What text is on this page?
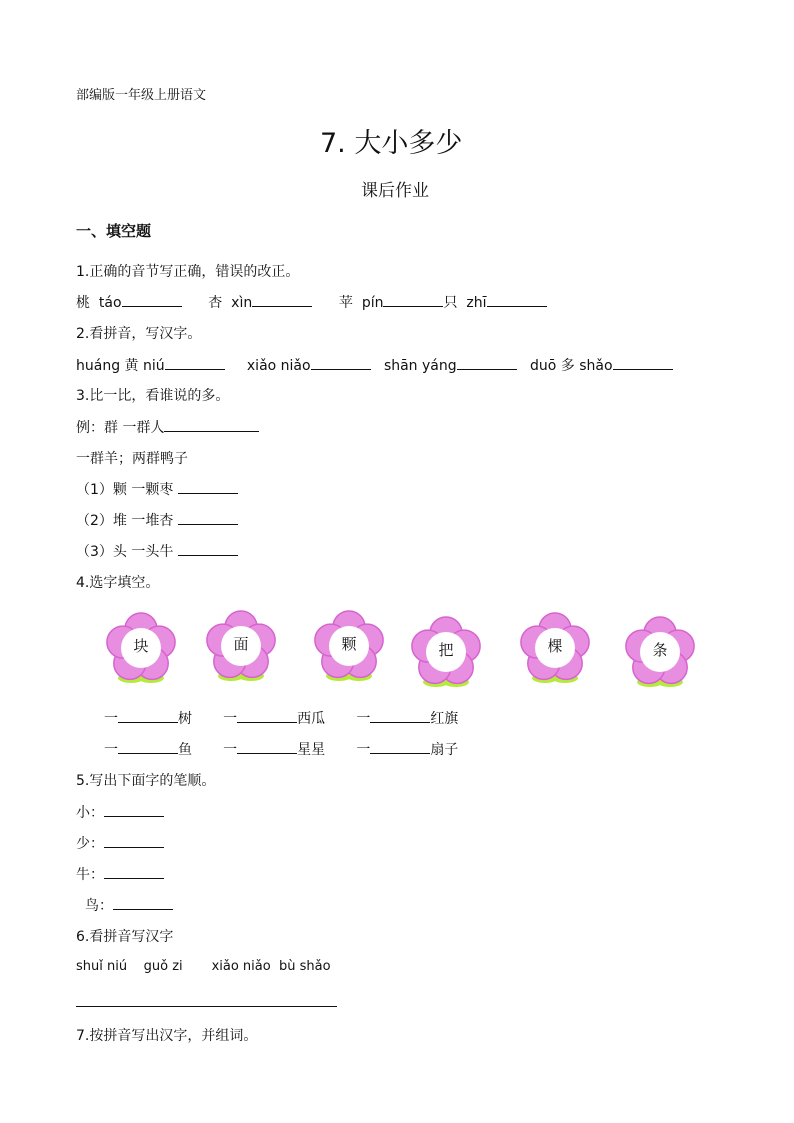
部编版一年级上册语文
7. 大小多少
课后作业
一、填空题
1.正确的音节写正确，错误的改正。
桃 táo	杏 xìn	苹 pín	只 zhī
2.看拼音，写汉字。
huáng 黄 niú	xiǎo niǎo	shān yáng	duō 多 shǎo
3.比一比，看谁说的多。
例：群 一群人
一群羊；两群鸭子
（1）颗 一颗枣
（2）堆 一堆杏
（3）头 一头牛
4.选字填空。
块	面	颗	把	棵	条
一	树 一	西瓜 一	红旗
一	鱼 一	星星 一	扇子
5.写出下面字的笔顺。
小：
少：
牛：
鸟：
6.看拼音写汉字
shuǐ niú guǒ zi xiǎo niǎo bù shǎo
7.按拼音写出汉字，并组词。
